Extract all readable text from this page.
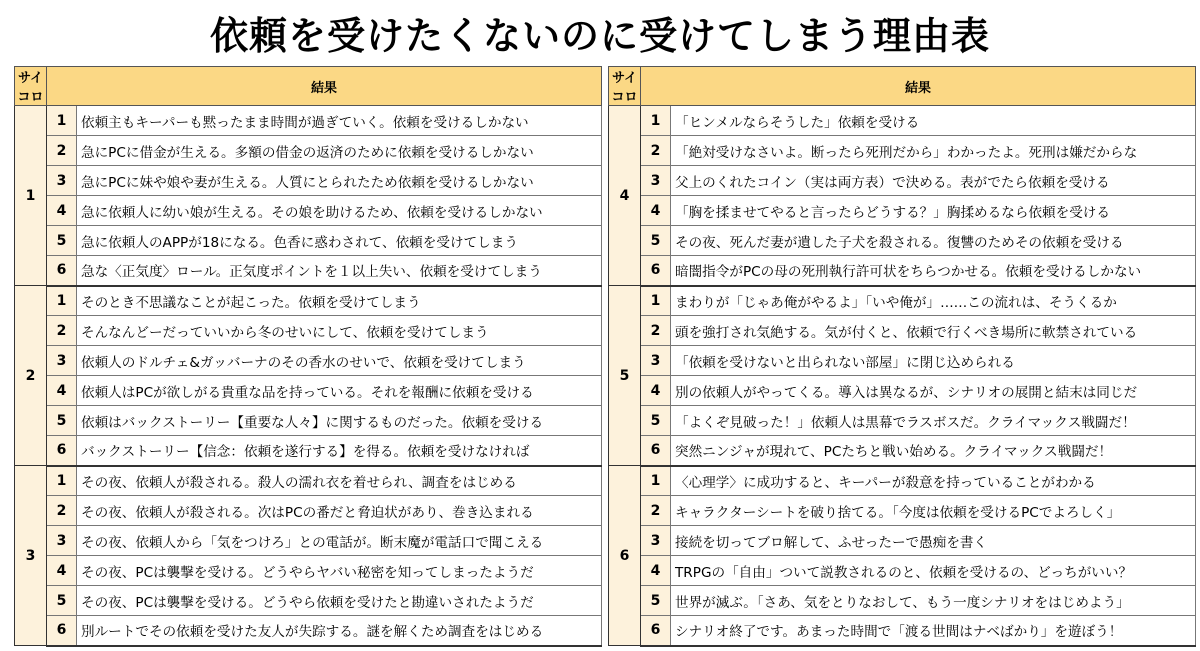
依頼を受けたくないのに受けてしまう理由表
サイコロ	結果	
1	1	依頼主もキーパーも黙ったまま時間が過ぎていく。依頼を受けるしかない
	2	急にPCに借金が生える。多額の借金の返済のために依頼を受けるしかない
	3	急にPCに妹や娘や妻が生える。人質にとられたため依頼を受けるしかない
	4	急に依頼人に幼い娘が生える。その娘を助けるため、依頼を受けるしかない
	5	急に依頼人のAPPが18になる。色香に惑わされて、依頼を受けてしまう
	6	急な〈正気度〉ロール。正気度ポイントを１以上失い、依頼を受けてしまう
2	1	そのとき不思議なことが起こった。依頼を受けてしまう
	2	そんなんどーだっていいから冬のせいにして、依頼を受けてしまう
	3	依頼人のドルチェ&ガッバーナのその香水のせいで、依頼を受けてしまう
	4	依頼人はPCが欲しがる貴重な品を持っている。それを報酬に依頼を受ける
	5	依頼はバックストーリー【重要な人々】に関するものだった。依頼を受ける
	6	バックストーリー【信念：依頼を遂行する】を得る。依頼を受けなければ
3	1	その夜、依頼人が殺される。殺人の濡れ衣を着せられ、調査をはじめる
	2	その夜、依頼人が殺される。次はPCの番だと脅迫状があり、巻き込まれる
	3	その夜、依頼人から「気をつけろ」との電話が。断末魔が電話口で聞こえる
	4	その夜、PCは襲撃を受ける。どうやらヤバい秘密を知ってしまったようだ
	5	その夜、PCは襲撃を受ける。どうやら依頼を受けたと勘違いされたようだ
	6	別ルートでその依頼を受けた友人が失踪する。謎を解くため調査をはじめる
サイコロ	結果	
4	1	「ヒンメルならそうした」依頼を受ける
	2	「絶対受けなさいよ。断ったら死刑だから」わかったよ。死刑は嫌だからな
	3	父上のくれたコイン（実は両方表）で決める。表がでたら依頼を受ける
	4	「胸を揉ませてやると言ったらどうする？」胸揉めるなら依頼を受ける
	5	その夜、死んだ妻が遺した子犬を殺される。復讐のためその依頼を受ける
	6	暗闇指令がPCの母の死刑執行許可状をちらつかせる。依頼を受けるしかない
5	1	まわりが「じゃあ俺がやるよ」「いや俺が」……この流れは、そうくるか
	2	頭を強打され気絶する。気が付くと、依頼で行くべき場所に軟禁されている
	3	「依頼を受けないと出られない部屋」に閉じ込められる
	4	別の依頼人がやってくる。導入は異なるが、シナリオの展開と結末は同じだ
	5	「よくぞ見破った！」依頼人は黒幕でラスボスだ。クライマックス戦闘だ！
	6	突然ニンジャが現れて、PCたちと戦い始める。クライマックス戦闘だ！
6	1	〈心理学〉に成功すると、キーパーが殺意を持っていることがわかる
	2	キャラクターシートを破り捨てる。「今度は依頼を受けるPCでよろしく」
	3	接続を切ってブロ解して、ふせったーで愚痴を書く
	4	TRPGの「自由」ついて説教されるのと、依頼を受けるの、どっちがいい？
	5	世界が滅ぶ。「さあ、気をとりなおして、もう一度シナリオをはじめよう」
	6	シナリオ終了です。あまった時間で「渡る世間はナベばかり」を遊ぼう！
